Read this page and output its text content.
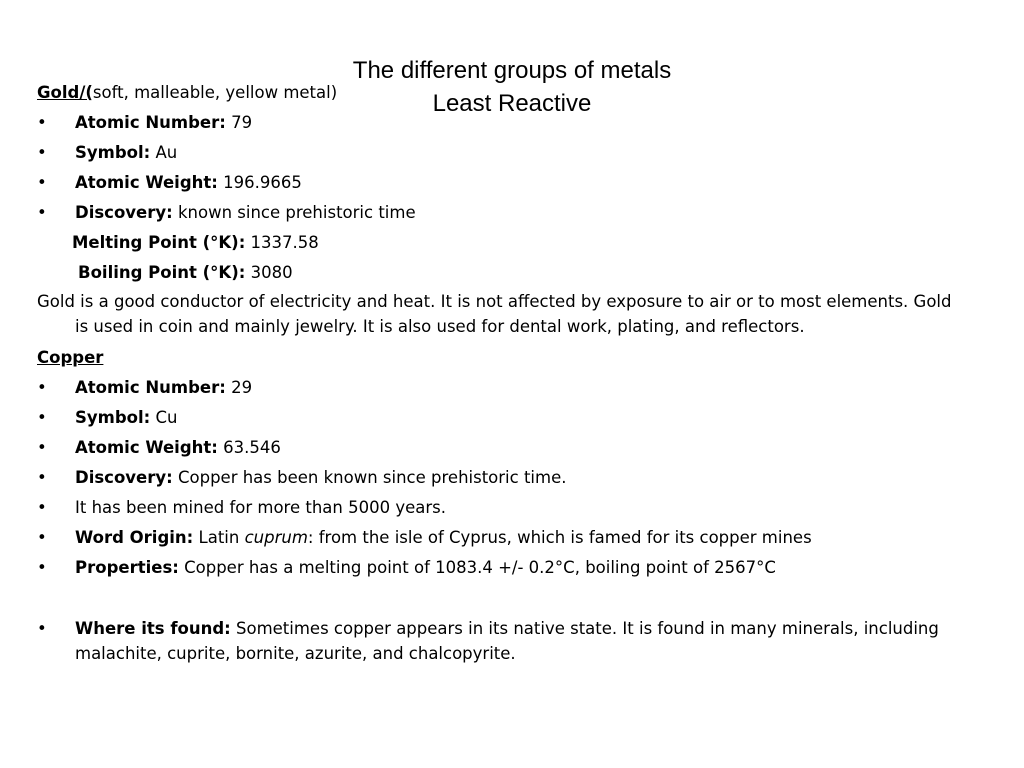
The different groups of metals
Least Reactive
Gold/(soft, malleable, yellow metal)
• Atomic Number: 79
• Symbol: Au
• Atomic Weight: 196.9665
• Discovery: known since prehistoric time
Melting Point (°K): 1337.58
Boiling Point (°K): 3080
Gold is a good conductor of electricity and heat. It is not affected by exposure to air or to most elements. Gold is used in coin and mainly jewelry. It is also used for dental work, plating, and reflectors.
Copper
• Atomic Number: 29
• Symbol: Cu
• Atomic Weight: 63.546
• Discovery: Copper has been known since prehistoric time.
• It has been mined for more than 5000 years.
• Word Origin: Latin cuprum: from the isle of Cyprus, which is famed for its copper mines
• Properties: Copper has a melting point of 1083.4 +/- 0.2°C, boiling point of 2567°C
• Where its found: Sometimes copper appears in its native state. It is found in many minerals, including malachite, cuprite, bornite, azurite, and chalcopyrite.
